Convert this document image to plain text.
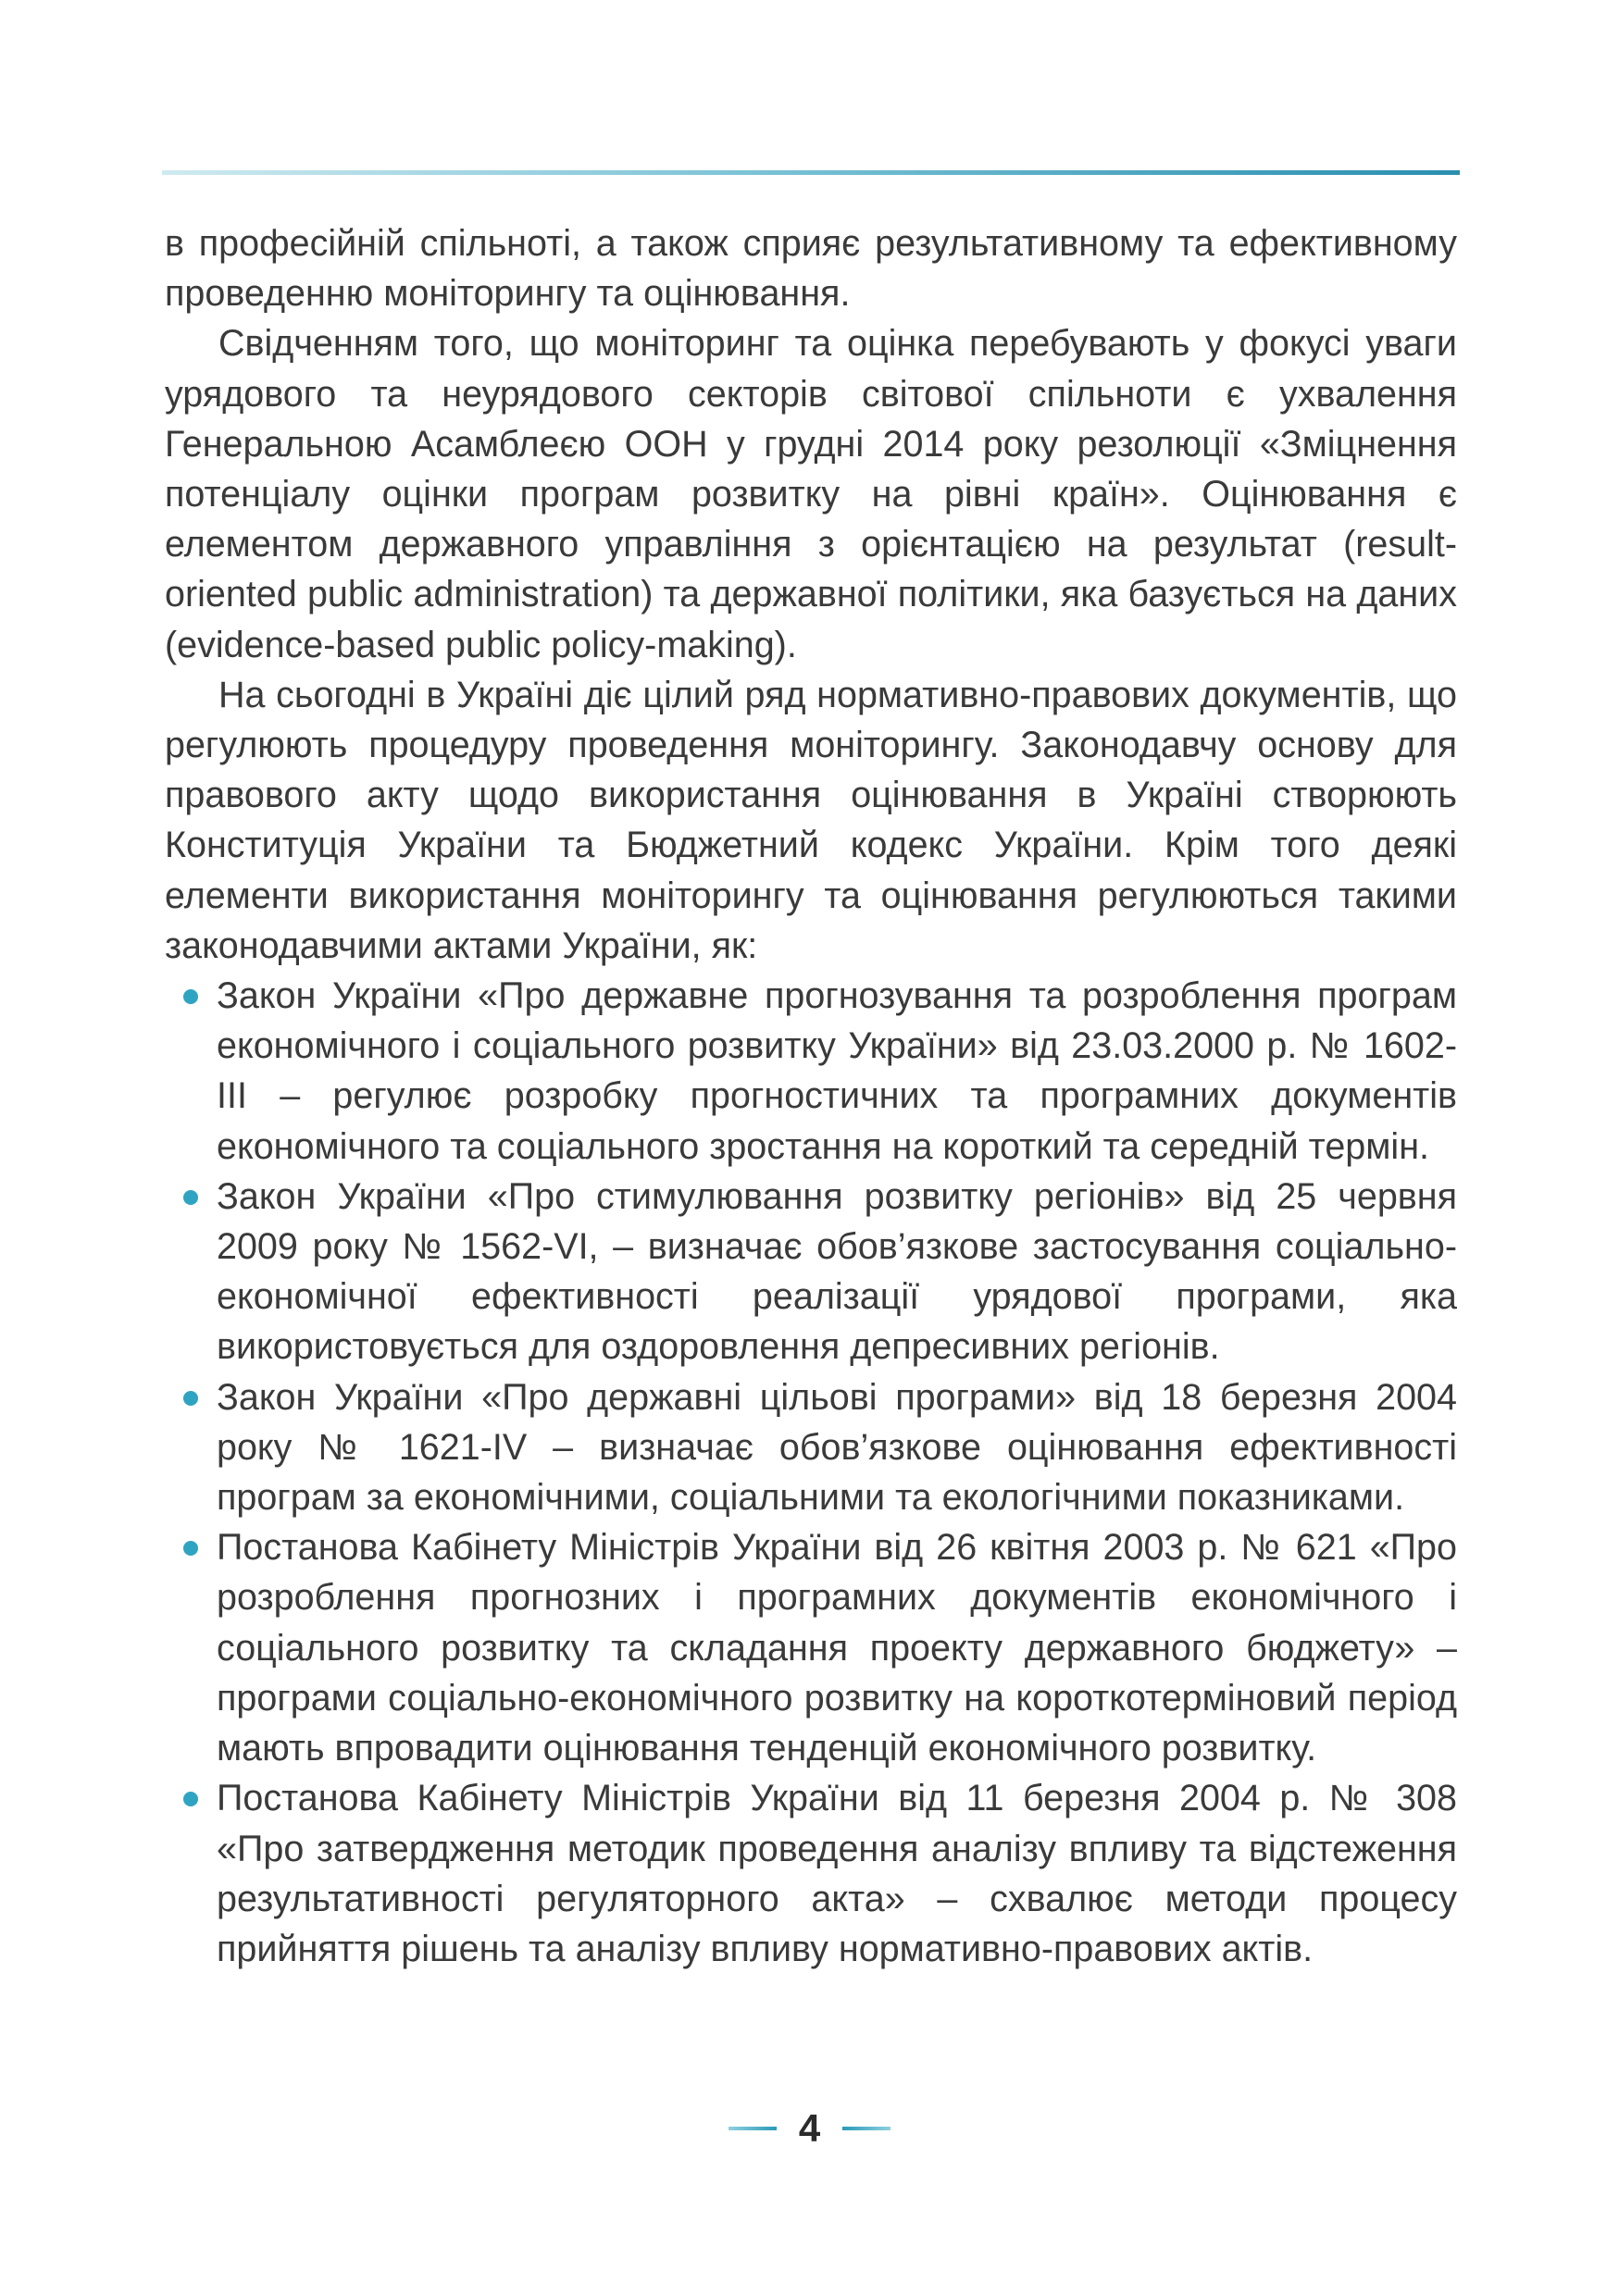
в професійній спільноті, а також сприяє результативному та ефективному проведенню моніторингу та оцінювання.

Свідченням того, що моніторинг та оцінка перебувають у фокусі уваги урядового та неурядового секторів світової спільноти є ухвалення Генеральною Асамблеєю ООН у грудні 2014 року резолюції «Зміцнення потенціалу оцінки програм розвитку на рівні країн». Оцінювання є елементом державного управління з орієнтацією на результат (result-oriented public administration) та державної політики, яка базується на даних (evidence-based public policy-making).

На сьогодні в Україні діє цілий ряд нормативно-правових документів, що регулюють процедуру проведення моніторингу. Законодавчу основу для правового акту щодо використання оцінювання в Україні створюють Конституція України та Бюджетний кодекс України. Крім того деякі елементи використання моніторингу та оцінювання регулюються такими законодавчими актами України, як:

Закон України «Про державне прогнозування та розроблення програм економічного і соціального розвитку України» від 23.03.2000 р. № 1602-ІІІ – регулює розробку прогностичних та програмних документів економічного та соціального зростання на короткий та середній термін.
Закон України «Про стимулювання розвитку регіонів» від 25 червня 2009 року № 1562-VI, – визначає обов’язкове застосування соціально-економічної ефективності реалізації урядової програми, яка використовується для оздоровлення депресивних регіонів.
Закон України «Про державні цільові програми» від 18 березня 2004 року № 1621-IV – визначає обов’язкове оцінювання ефективності програм за економічними, соціальними та екологічними показниками.
Постанова Кабінету Міністрів України від 26 квітня 2003 р. № 621 «Про розроблення прогнозних і програмних документів економічного і соціального розвитку та складання проекту державного бюджету» – програми соціально-економічного розвитку на короткотерміновий період мають впровадити оцінювання тенденцій економічного розвитку.
Постанова Кабінету Міністрів України від 11 березня 2004 р. № 308 «Про затвердження методик проведення аналізу впливу та відстеження результативності регуляторного акта» – схвалює методи процесу прийняття рішень та аналізу впливу нормативно-правових актів.
4
